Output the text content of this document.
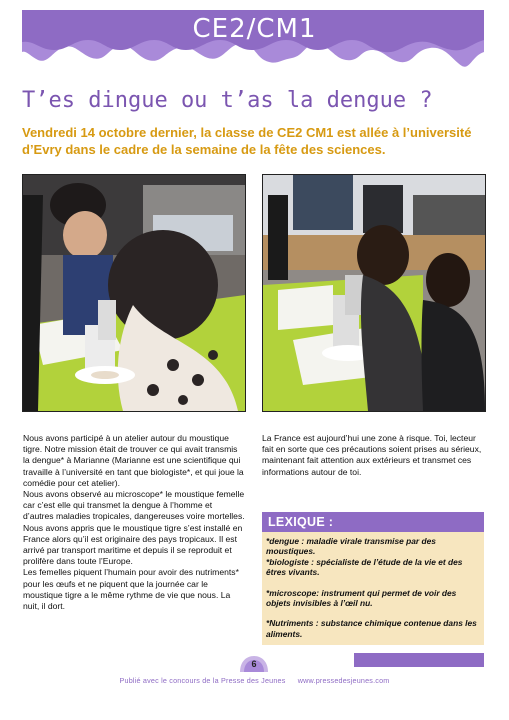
CE2/CM1
T’es dingue ou t’as la dengue ?
Vendredi 14 octobre dernier, la classe de CE2 CM1 est allée à l’université d’Evry dans le cadre de la semaine de la fête des sciences.

Nous avons participé à un atelier autour du moustique tigre. Notre mission était de trouver ce qui avait transmis la dengue* à Marianne (Marianne est une scientifique qui travaille à l’université en tant que biologiste*, et qui joue la comédie pour cet atelier).

Nous avons observé au microscope* le moustique femelle car c’est elle qui transmet la dengue à l’homme et d’autres maladies tropicales, dangereuses voire mortelles.

Nous avons appris que le moustique tigre s’est installé en France alors qu’il est originaire des pays tropicaux. Il est arrivé par transport maritime et depuis il se reproduit et prolifère dans toute l’Europe.

Les femelles piquent l’humain pour avoir des nutriments* pour les œufs et ne piquent que la journée car le moustique tigre a le même rythme de vie que nous. La nuit, il dort.

La France est aujourd’hui une zone à risque. Toi, lecteur fait en sorte que ces précautions soient prises au sérieux, maintenant fait attention aux extérieurs et transmet ces informations autour de toi.

LEXIQUE :

*dengue : maladie virale transmise par des moustiques.

*biologiste : spécialiste de l’étude de la vie et des êtres vivants.

*microscope: instrument qui permet de voir des objets invisibles à l’œil nu.

*Nutriments : substance chimique contenue dans les aliments.

6
Publié avec le concours de la Presse des Jeunes www.pressedesjeunes.com
